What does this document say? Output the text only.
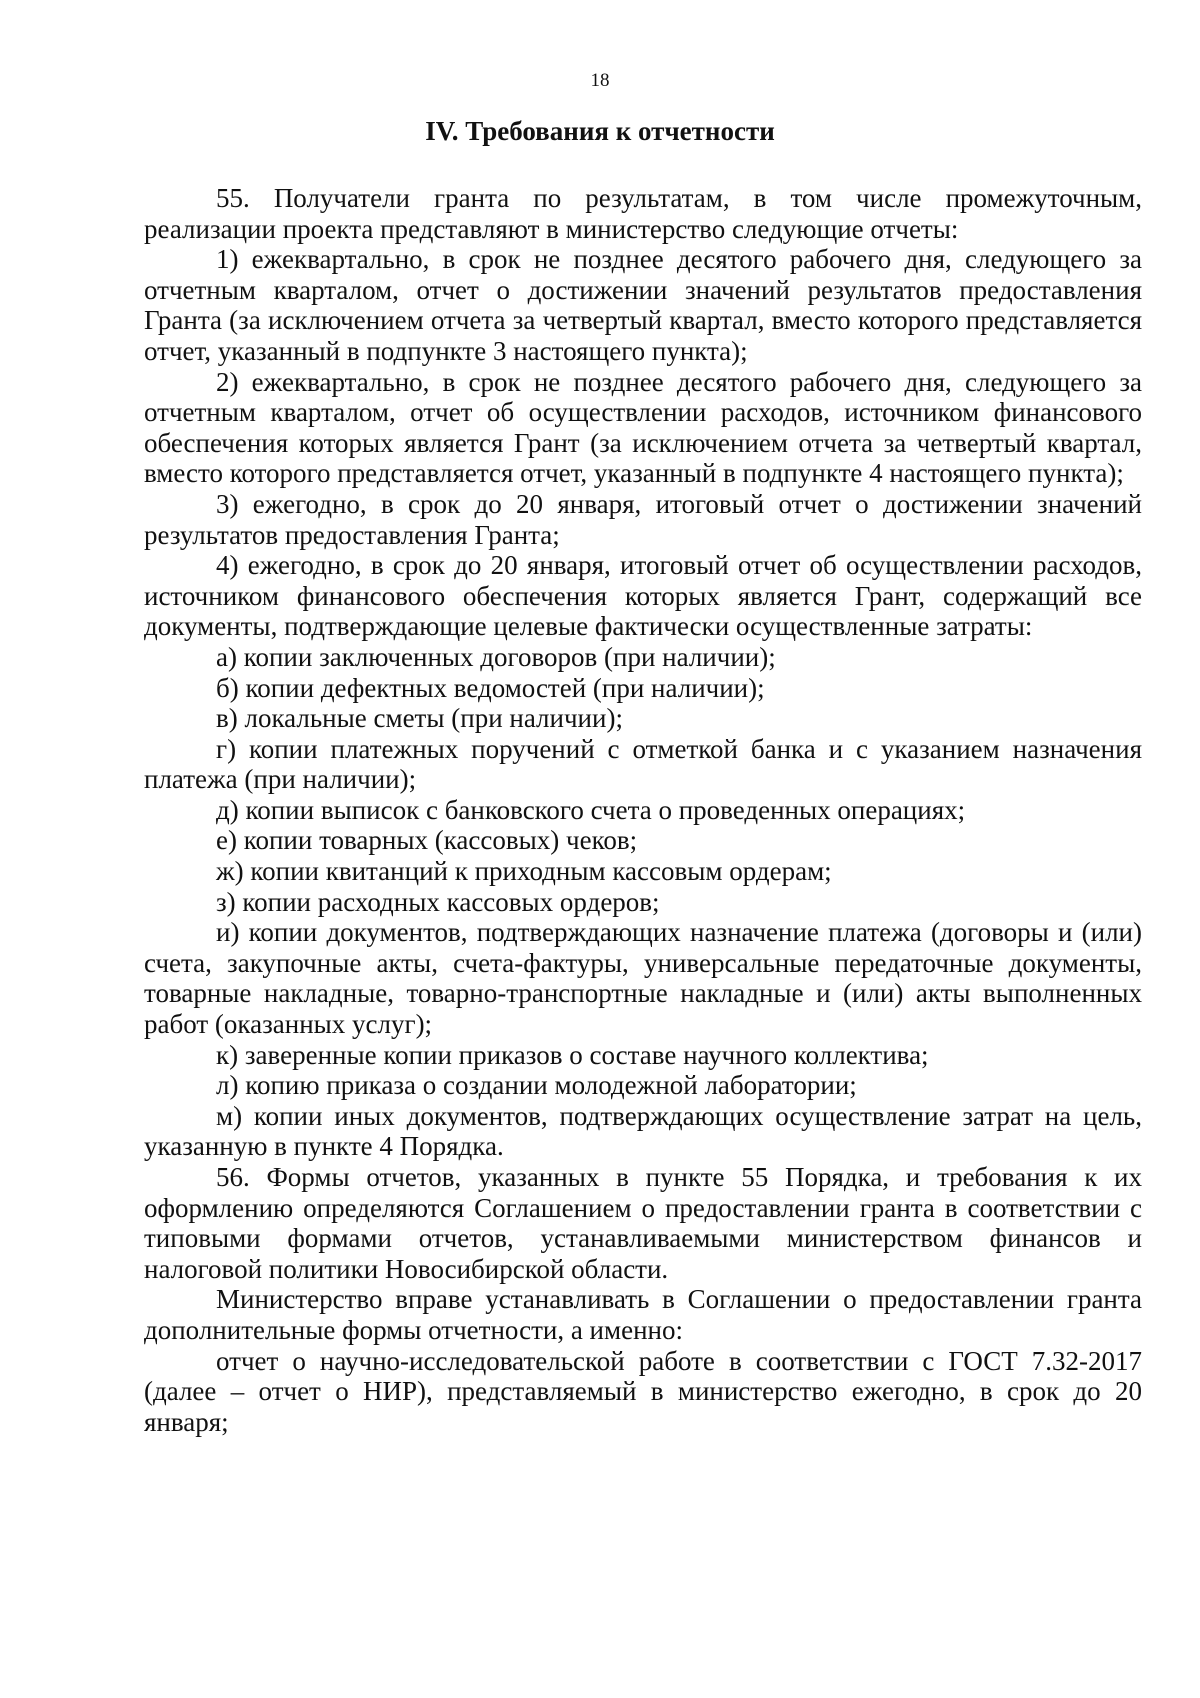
18
IV. Требования к отчетности

55. Получатели гранта по результатам, в том числе промежуточным, реализации проекта представляют в министерство следующие отчеты:

1) ежеквартально, в срок не позднее десятого рабочего дня, следующего за отчетным кварталом, отчет о достижении значений результатов предоставления Гранта (за исключением отчета за четвертый квартал, вместо которого представляется отчет, указанный в подпункте 3 настоящего пункта);

2) ежеквартально, в срок не позднее десятого рабочего дня, следующего за отчетным кварталом, отчет об осуществлении расходов, источником финансового обеспечения которых является Грант (за исключением отчета за четвертый квартал, вместо которого представляется отчет, указанный в подпункте 4 настоящего пункта);

3) ежегодно, в срок до 20 января, итоговый отчет о достижении значений результатов предоставления Гранта;

4) ежегодно, в срок до 20 января, итоговый отчет об осуществлении расходов, источником финансового обеспечения которых является Грант, содержащий все документы, подтверждающие целевые фактически осуществленные затраты:

а) копии заключенных договоров (при наличии);

б) копии дефектных ведомостей (при наличии);

в) локальные сметы (при наличии);

г) копии платежных поручений с отметкой банка и с указанием назначения платежа (при наличии);

д) копии выписок с банковского счета о проведенных операциях;

е) копии товарных (кассовых) чеков;

ж) копии квитанций к приходным кассовым ордерам;

з) копии расходных кассовых ордеров;

и) копии документов, подтверждающих назначение платежа (договоры и (или) счета, закупочные акты, счета-фактуры, универсальные передаточные документы, товарные накладные, товарно-транспортные накладные и (или) акты выполненных работ (оказанных услуг);

к) заверенные копии приказов о составе научного коллектива;

л) копию приказа о создании молодежной лаборатории;

м) копии иных документов, подтверждающих осуществление затрат на цель, указанную в пункте 4 Порядка.

56. Формы отчетов, указанных в пункте 55 Порядка, и требования к их оформлению определяются Соглашением о предоставлении гранта в соответствии с типовыми формами отчетов, устанавливаемыми министерством финансов и налоговой политики Новосибирской области.

Министерство вправе устанавливать в Соглашении о предоставлении гранта дополнительные формы отчетности, а именно:

отчет о научно-исследовательской работе в соответствии с ГОСТ 7.32-2017 (далее – отчет о НИР), представляемый в министерство ежегодно, в срок до 20 января;
